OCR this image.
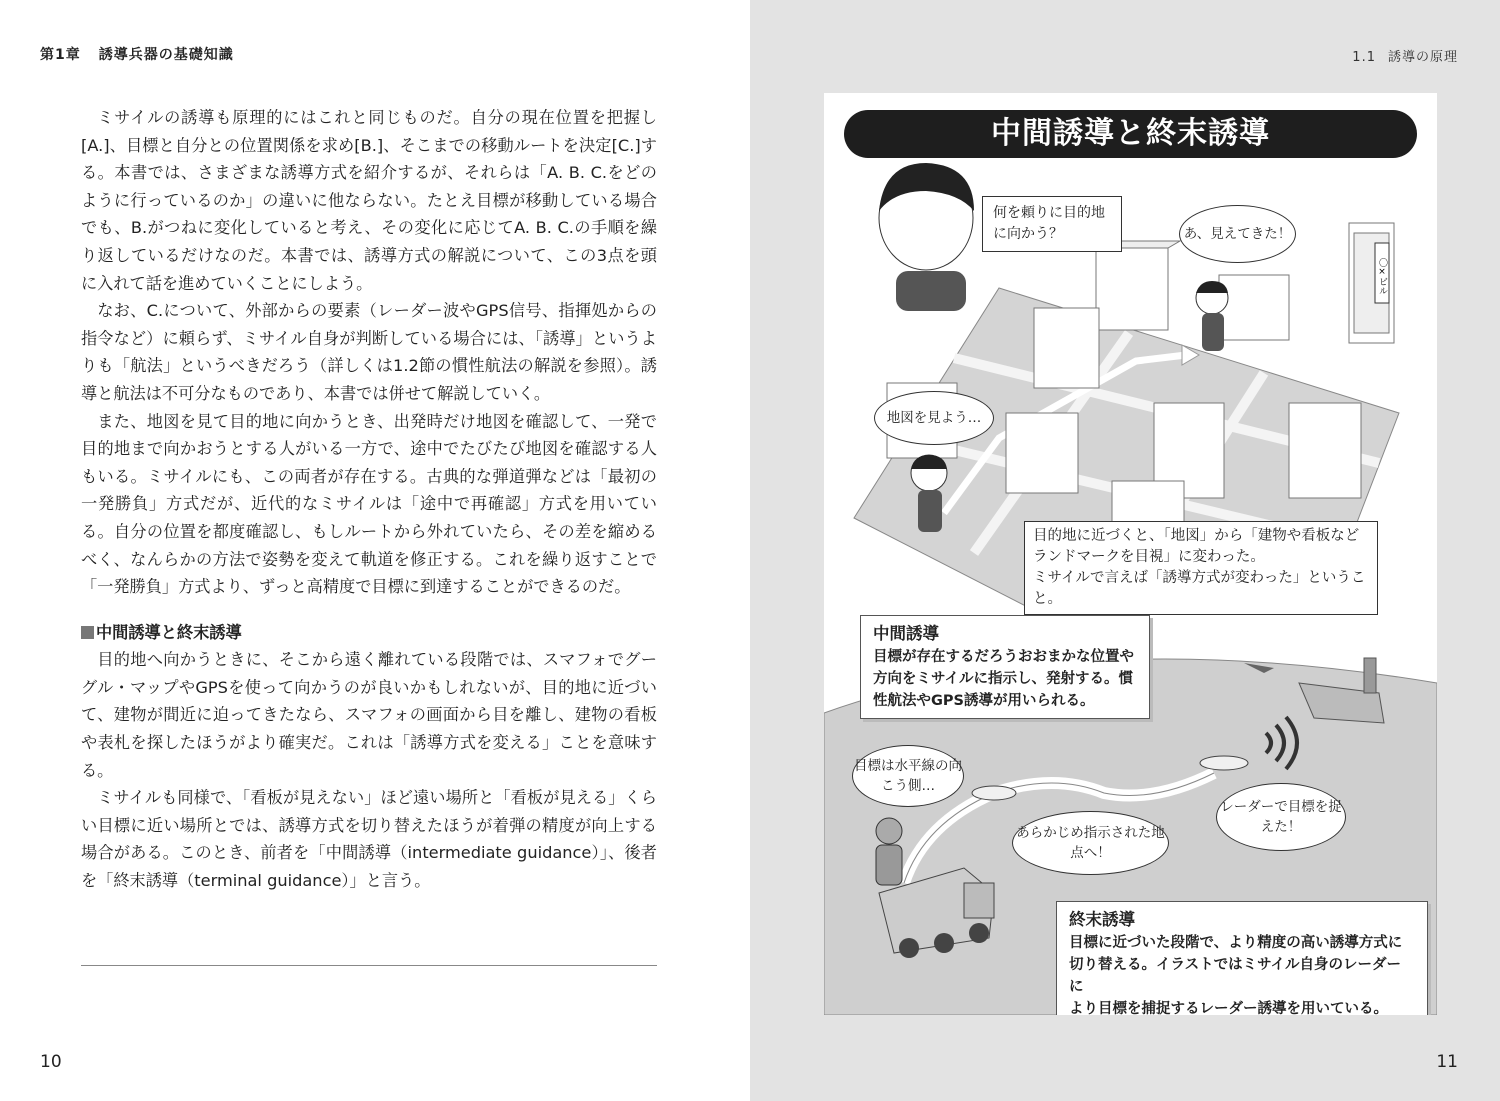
第1章 誘導兵器の基礎知識

ミサイルの誘導も原理的にはこれと同じものだ。自分の現在位置を把握し[A.]、目標と自分との位置関係を求め[B.]、そこまでの移動ルートを決定[C.]する。本書では、さまざまな誘導方式を紹介するが、それらは「A. B. C.をどのように行っているのか」の違いに他ならない。たとえ目標が移動している場合でも、B.がつねに変化していると考え、その変化に応じてA. B. C.の手順を繰り返しているだけなのだ。本書では、誘導方式の解説について、この3点を頭に入れて話を進めていくことにしよう。

なお、C.について、外部からの要素（レーダー波やGPS信号、指揮処からの指令など）に頼らず、ミサイル自身が判断している場合には、「誘導」というよりも「航法」というべきだろう（詳しくは1.2節の慣性航法の解説を参照）。誘導と航法は不可分なものであり、本書では併せて解説していく。

また、地図を見て目的地に向かうとき、出発時だけ地図を確認して、一発で目的地まで向かおうとする人がいる一方で、途中でたびたび地図を確認する人もいる。ミサイルにも、この両者が存在する。古典的な弾道弾などは「最初の一発勝負」方式だが、近代的なミサイルは「途中で再確認」方式を用いている。自分の位置を都度確認し、もしルートから外れていたら、その差を縮めるべく、なんらかの方法で姿勢を変えて軌道を修正する。これを繰り返すことで「一発勝負」方式より、ずっと高精度で目標に到達することができるのだ。

中間誘導と終末誘導

目的地へ向かうときに、そこから遠く離れている段階では、スマフォでグーグル・マップやGPSを使って向かうのが良いかもしれないが、目的地に近づいて、建物が間近に迫ってきたなら、スマフォの画面から目を離し、建物の看板や表札を探したほうがより確実だ。これは「誘導方式を変える」ことを意味する。

ミサイルも同様で、「看板が見えない」ほど遠い場所と「看板が見える」くらい目標に近い場所とでは、誘導方式を切り替えたほうが着弾の精度が向上する場合がある。このとき、前者を「中間誘導（intermediate guidance）」、後者を「終末誘導（terminal guidance）」と言う。

10
1.1 誘導の原理
11
〇×ビル
中間誘導と終末誘導
何を頼りに目的地に向かう？	あ、見えてきた！
地図を見よう…
目的地に近づくと、「地図」から「建物や看板など
ランドマークを目視」に変わった。
ミサイルで言えば「誘導方式が変わった」ということ。
中間誘導
目標が存在するだろうおおまかな位置や
方向をミサイルに指示し、発射する。慣
性航法やGPS誘導が用いられる。
目標は水平線の向こう側…
あらかじめ指示された地点へ！
レーダーで目標を捉えた！
終末誘導
目標に近づいた段階で、より精度の高い誘導方式に
切り替える。イラストではミサイル自身のレーダーに
より目標を捕捉するレーダー誘導を用いている。
